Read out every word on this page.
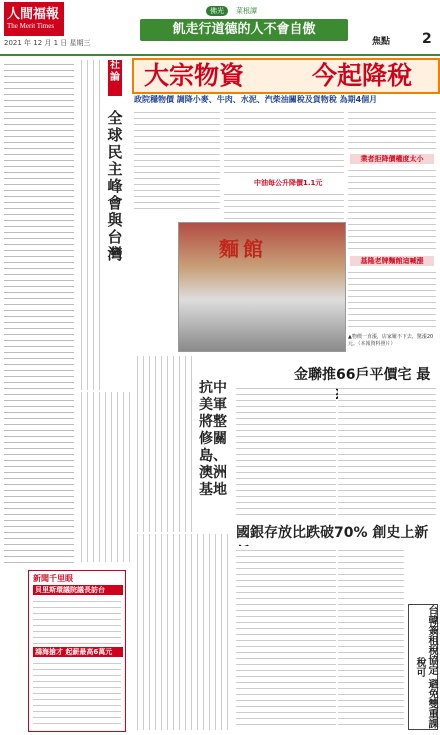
人間福報
The Merit Times
2021 年 12 月 1 日 星期三
佛光	菜根譚
飢走行道德的人不會自傲
焦點 2
社論
全球民主峰會與台灣
新聞千里眼
貝里斯環議院議長訪台
鴻海搶才 起薪最高6萬元
大宗物資	今起降稅
政院穩物價 調降小麥、牛肉、水泥、汽柴油關稅及貨物稅 為期4個月
中油每公升降價1.1元
業者拒降價權度太小
基隆老牌麵館這喊漲
麵館
▲物價一直漲，店家屢不下去，驚漲20元。（本報資料照片）
金聯推66戶平價宅 最 9
抗中 美軍將整修關島、澳洲基地
國銀存放比跌破70% 創史上新
台韓簽租稅協定 避免雙重課稅可
